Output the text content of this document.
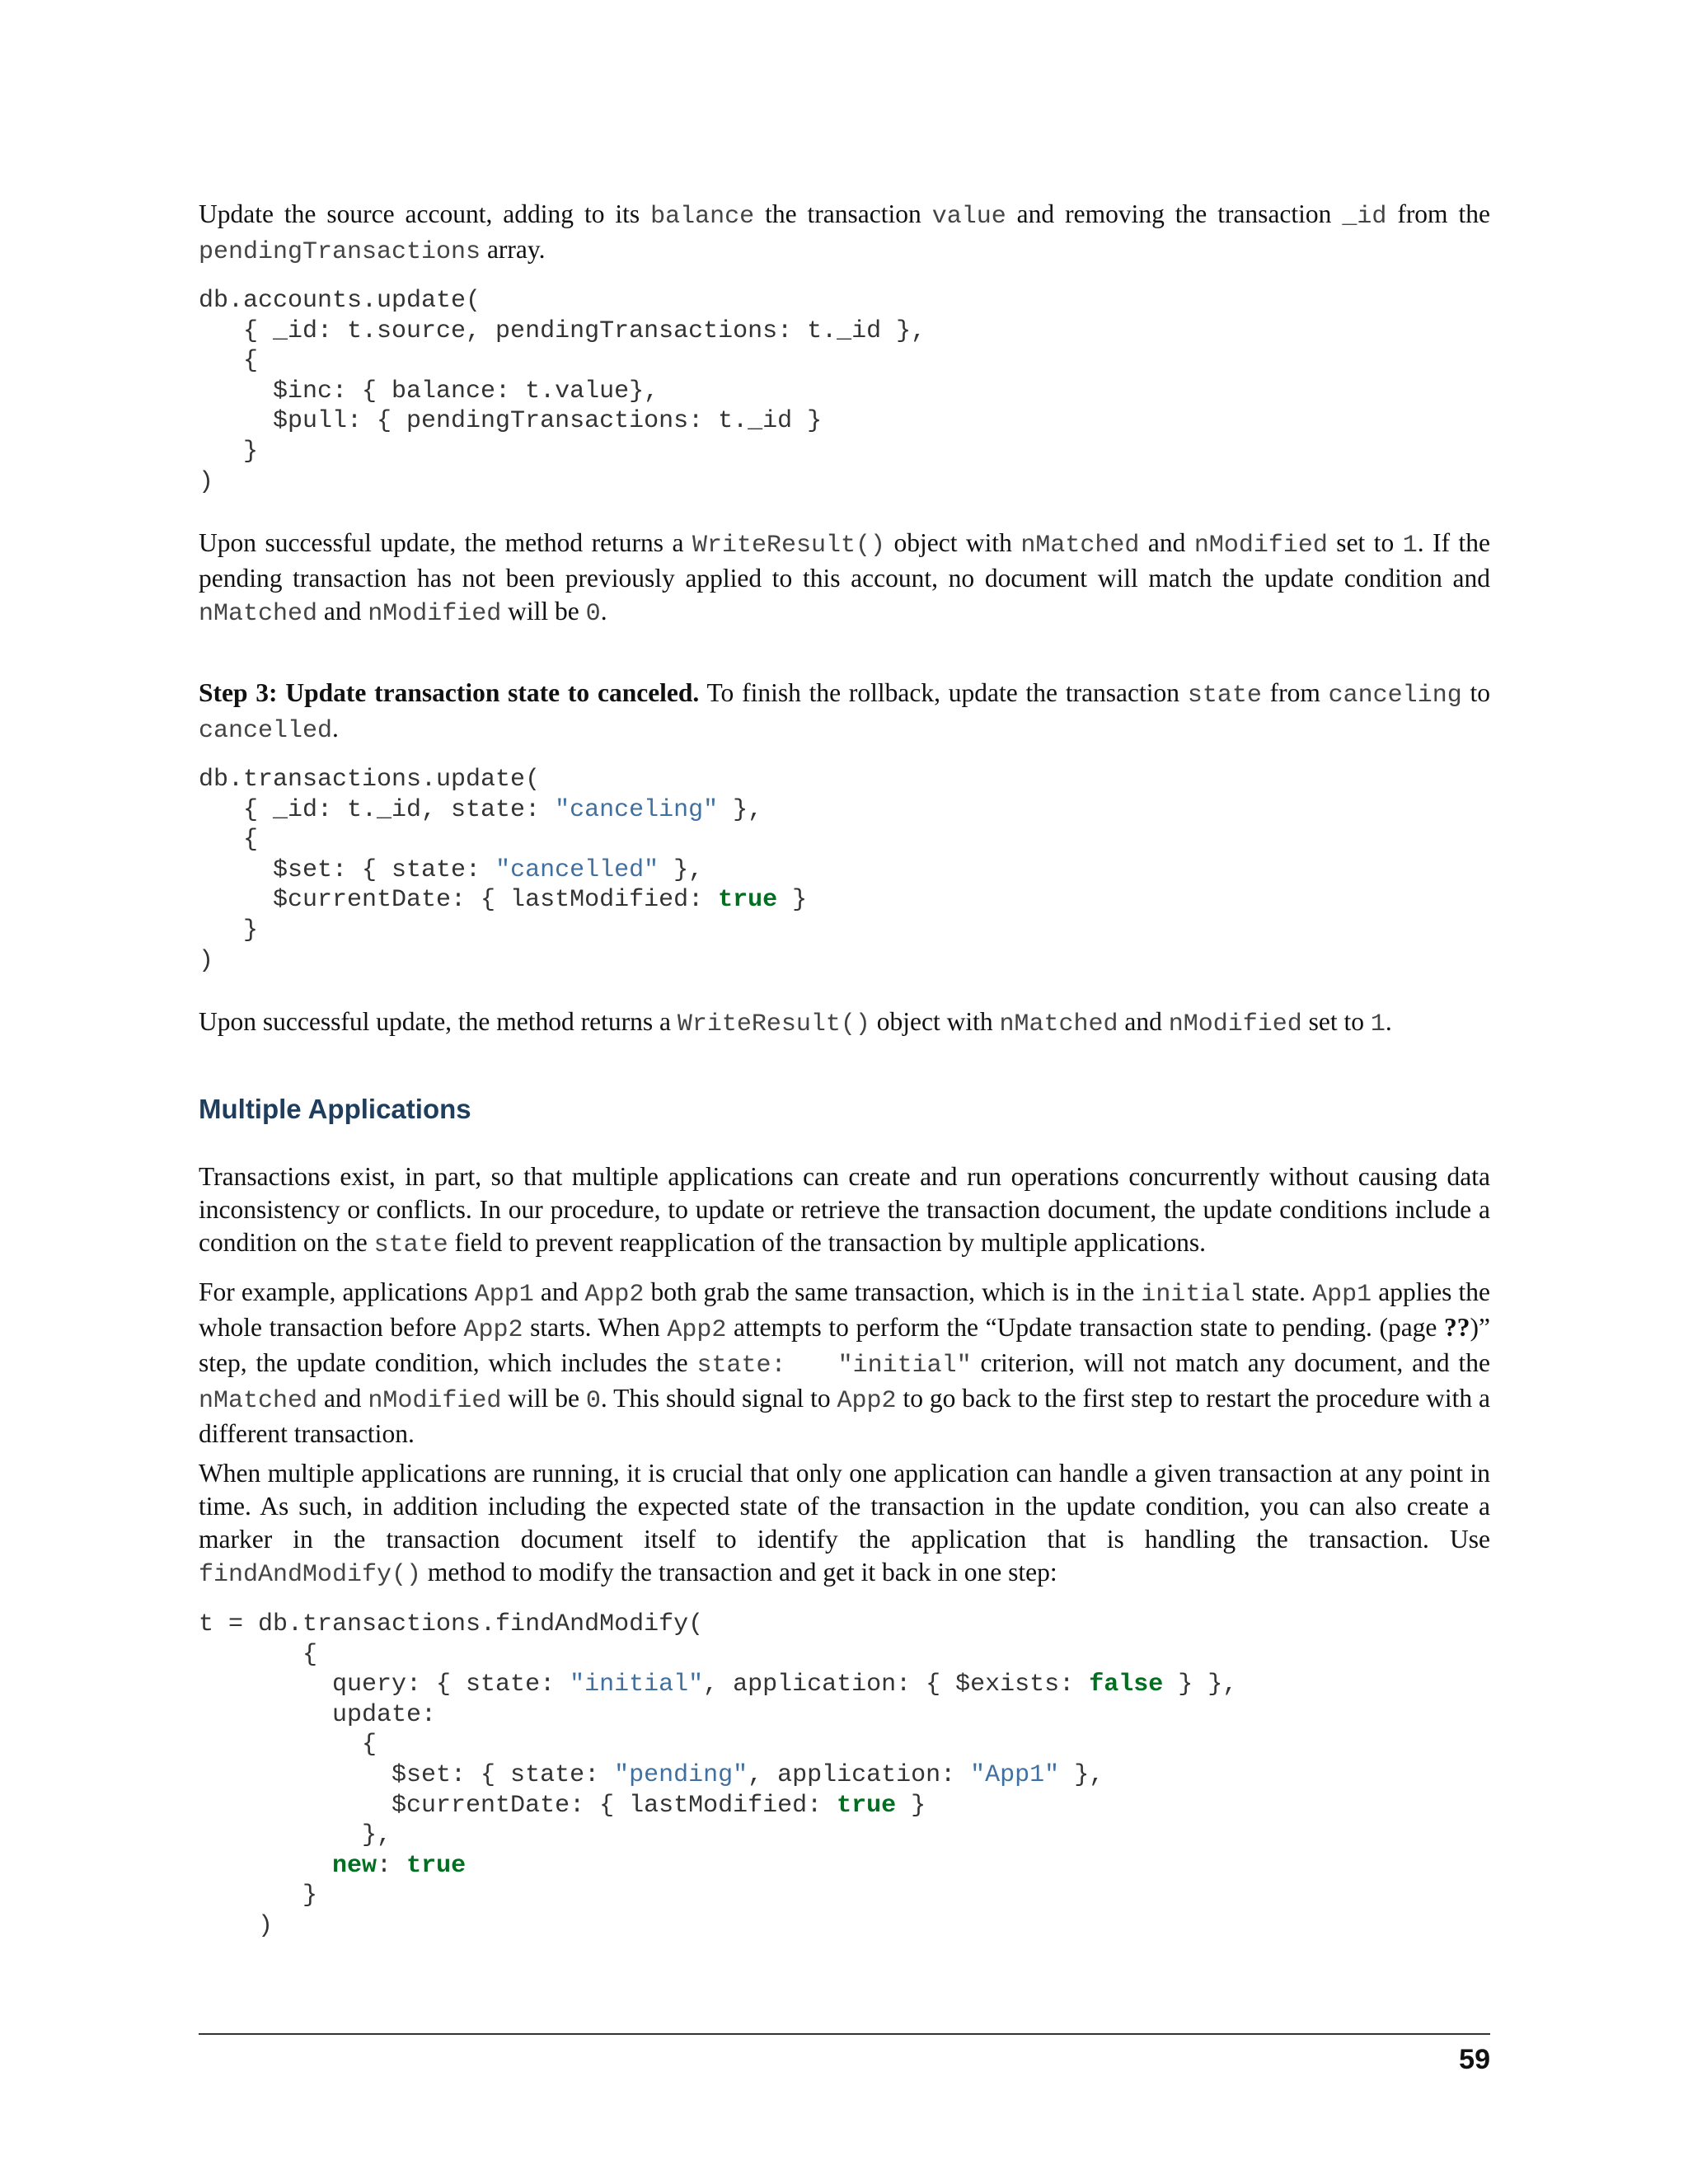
Update the source account, adding to its balance the transaction value and removing the transaction _id from the pendingTransactions array.

db.accounts.update(
{ _id: t.source, pendingTransactions: t._id },
{
$inc: { balance: t.value},
$pull: { pendingTransactions: t._id }
}
)

Upon successful update, the method returns a WriteResult() object with nMatched and nModified set to 1. If the pending transaction has not been previously applied to this account, no document will match the update condition and nMatched and nModified will be 0.

Step 3: Update transaction state to canceled. To finish the rollback, update the transaction state from canceling to cancelled.

db.transactions.update(
{ _id: t._id, state: "canceling" },
{
$set: { state: "cancelled" },
$currentDate: { lastModified: true }
}
)

Upon successful update, the method returns a WriteResult() object with nMatched and nModified set to 1.

Multiple Applications

Transactions exist, in part, so that multiple applications can create and run operations concurrently without causing data inconsistency or conflicts. In our procedure, to update or retrieve the transaction document, the update conditions include a condition on the state field to prevent reapplication of the transaction by multiple applications.

For example, applications App1 and App2 both grab the same transaction, which is in the initial state. App1 applies the whole transaction before App2 starts. When App2 attempts to perform the “Update transaction state to pending. (page ??)” step, the update condition, which includes the state:   "initial" criterion, will not match any document, and the nMatched and nModified will be 0. This should signal to App2 to go back to the first step to restart the procedure with a different transaction.

When multiple applications are running, it is crucial that only one application can handle a given transaction at any point in time. As such, in addition including the expected state of the transaction in the update condition, you can also create a marker in the transaction document itself to identify the application that is handling the transaction. Use findAndModify() method to modify the transaction and get it back in one step:

t = db.transactions.findAndModify(
{
query: { state: "initial", application: { $exists: false } },
update:
{
$set: { state: "pending", application: "App1" },
$currentDate: { lastModified: true }
},
new: true
}
)
59
